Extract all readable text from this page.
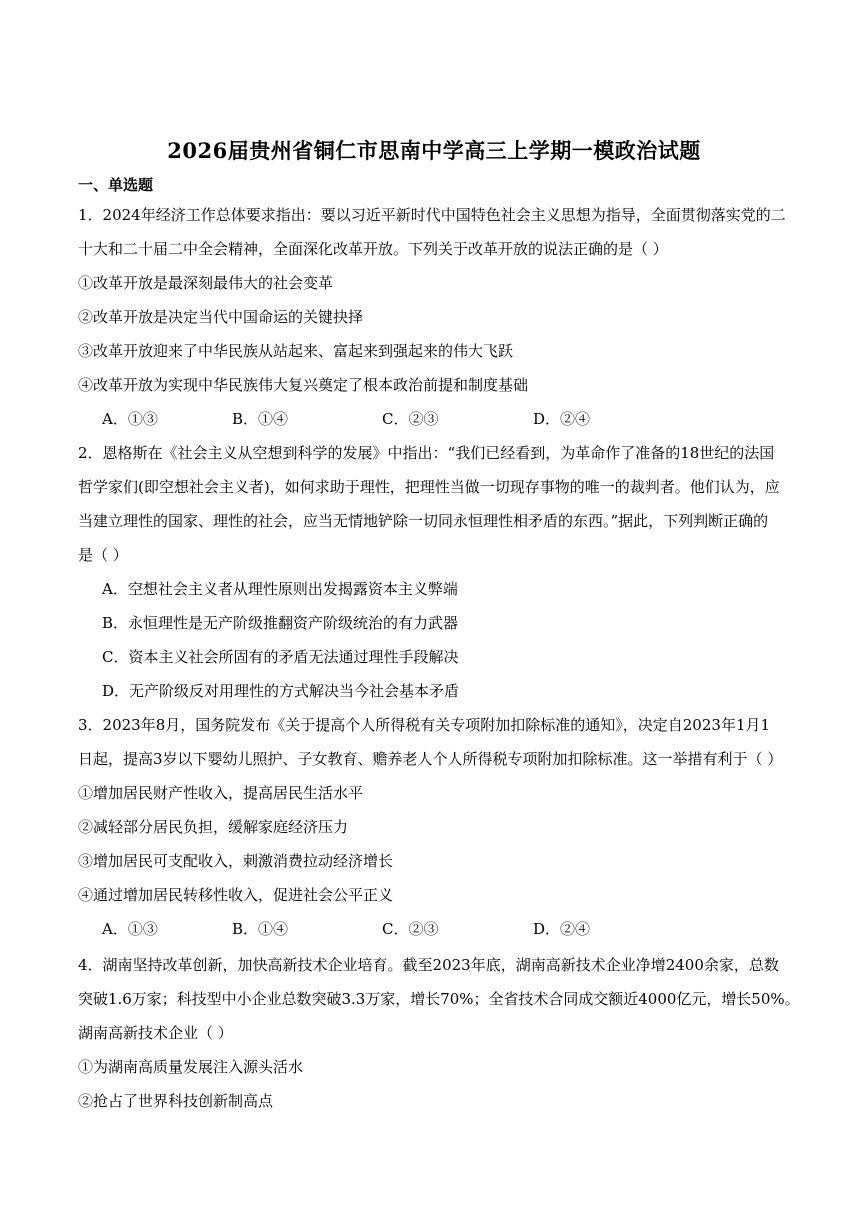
2026届贵州省铜仁市思南中学高三上学期一模政治试题
一、单选题
1．2024年经济工作总体要求指出：要以习近平新时代中国特色社会主义思想为指导，全面贯彻落实党的二
十大和二十届二中全会精神，全面深化改革开放。下列关于改革开放的说法正确的是（ ）
①改革开放是最深刻最伟大的社会变革
②改革开放是决定当代中国命运的关键抉择
③改革开放迎来了中华民族从站起来、富起来到强起来的伟大飞跃
④改革开放为实现中华民族伟大复兴奠定了根本政治前提和制度基础
A．①③	B．①④	C．②③	D．②④
2．恩格斯在《社会主义从空想到科学的发展》中指出：“我们已经看到，为革命作了准备的18世纪的法国
哲学家们(即空想社会主义者)，如何求助于理性，把理性当做一切现存事物的唯一的裁判者。他们认为，应
当建立理性的国家、理性的社会，应当无情地铲除一切同永恒理性相矛盾的东西。”据此，下列判断正确的
是（ ）
A．空想社会主义者从理性原则出发揭露资本主义弊端
B．永恒理性是无产阶级推翻资产阶级统治的有力武器
C．资本主义社会所固有的矛盾无法通过理性手段解决
D．无产阶级反对用理性的方式解决当今社会基本矛盾
3．2023年8月，国务院发布《关于提高个人所得税有关专项附加扣除标准的通知》，决定自2023年1月1
日起，提高3岁以下婴幼儿照护、子女教育、赡养老人个人所得税专项附加扣除标准。这一举措有利于（ ）
①增加居民财产性收入，提高居民生活水平
②减轻部分居民负担，缓解家庭经济压力
③增加居民可支配收入，刺激消费拉动经济增长
④通过增加居民转移性收入，促进社会公平正义
A．①③	B．①④	C．②③	D．②④
4．湖南坚持改革创新，加快高新技术企业培育。截至2023年底，湖南高新技术企业净增2400余家，总数
突破1.6万家；科技型中小企业总数突破3.3万家，增长70%；全省技术合同成交额近4000亿元，增长50%。
湖南高新技术企业（ ）
①为湖南高质量发展注入源头活水
②抢占了世界科技创新制高点
